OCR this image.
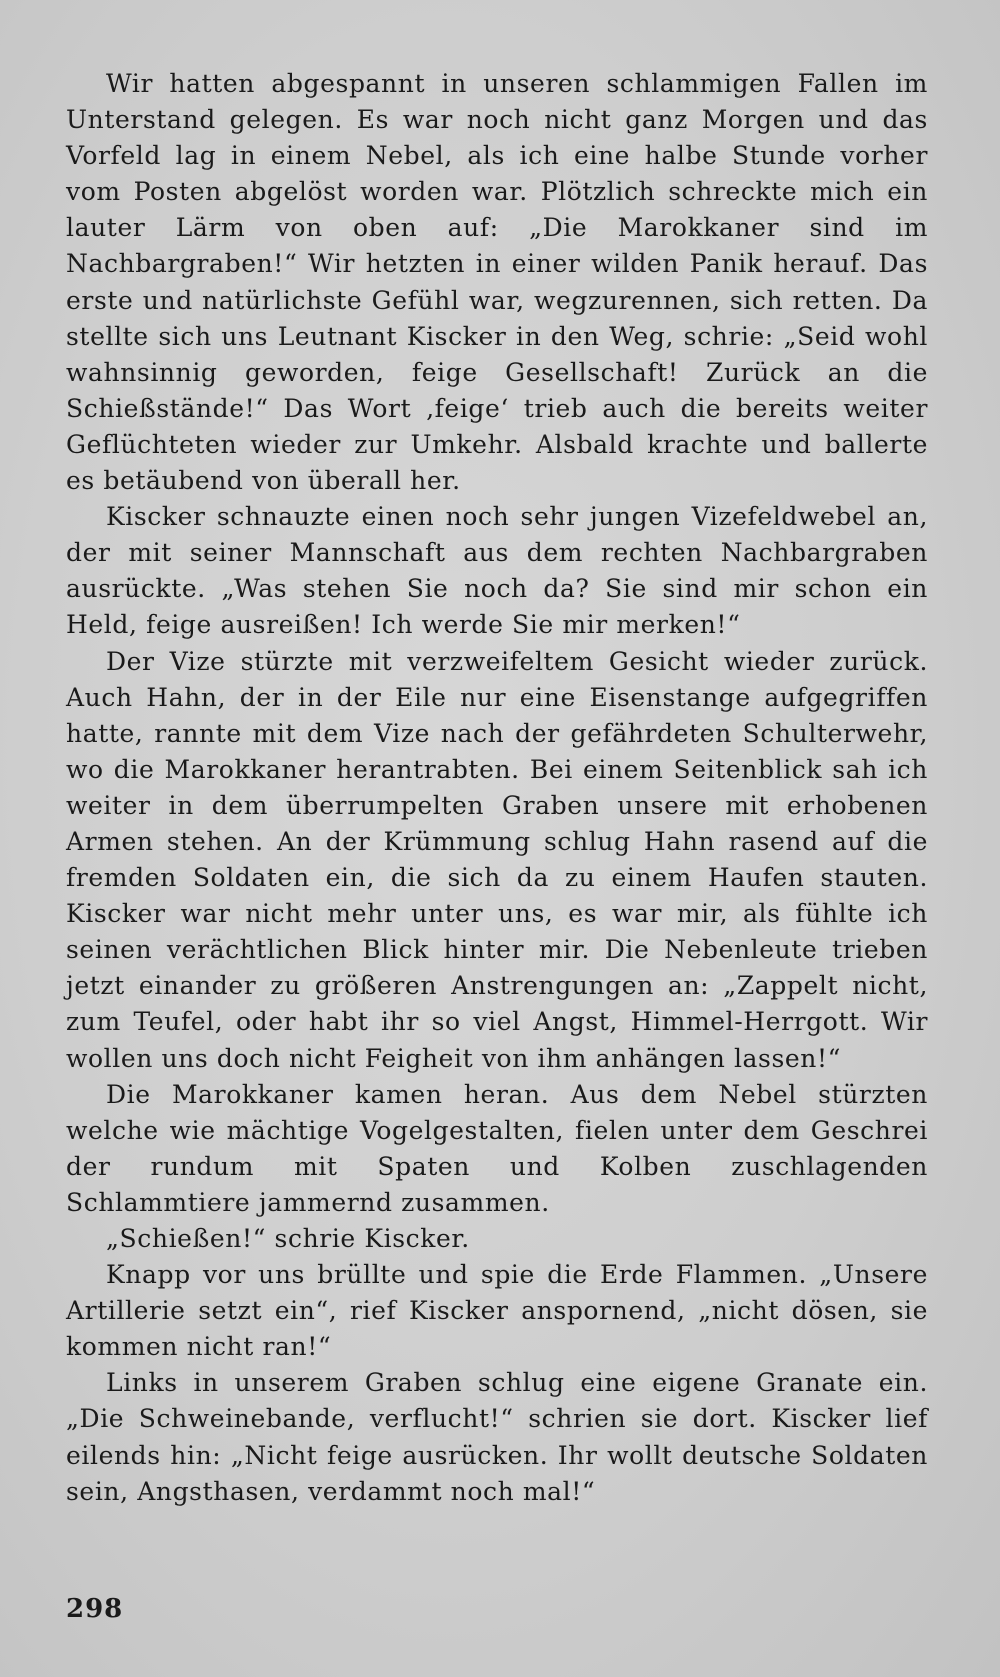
Wir hatten abgespannt in unseren schlammigen Fallen im Unterstand gelegen. Es war noch nicht ganz Morgen und das Vorfeld lag in einem Nebel, als ich eine halbe Stunde vorher vom Posten abgelöst worden war. Plötzlich schreckte mich ein lauter Lärm von oben auf: „Die Marokkaner sind im Nachbargraben!“ Wir hetzten in einer wilden Panik herauf. Das erste und natürlichste Gefühl war, wegzurennen, sich retten. Da stellte sich uns Leutnant Kiscker in den Weg, schrie: „Seid wohl wahnsinnig geworden, feige Gesellschaft! Zurück an die Schießstände!“ Das Wort ‚feige‘ trieb auch die bereits weiter Geflüchteten wieder zur Umkehr. Alsbald krachte und ballerte es betäubend von überall her.

Kiscker schnauzte einen noch sehr jungen Vizefeldwebel an, der mit seiner Mannschaft aus dem rechten Nachbargraben ausrückte. „Was stehen Sie noch da? Sie sind mir schon ein Held, feige ausreißen! Ich werde Sie mir merken!“

Der Vize stürzte mit verzweifeltem Gesicht wieder zurück. Auch Hahn, der in der Eile nur eine Eisenstange aufgegriffen hatte, rannte mit dem Vize nach der gefährdeten Schulterwehr, wo die Marokkaner herantrabten. Bei einem Seitenblick sah ich weiter in dem überrumpelten Graben unsere mit erhobenen Armen stehen. An der Krümmung schlug Hahn rasend auf die fremden Soldaten ein, die sich da zu einem Haufen stauten. Kiscker war nicht mehr unter uns, es war mir, als fühlte ich seinen verächtlichen Blick hinter mir. Die Nebenleute trieben jetzt einander zu größeren Anstrengungen an: „Zappelt nicht, zum Teufel, oder habt ihr so viel Angst, Himmel-Herrgott. Wir wollen uns doch nicht Feigheit von ihm anhängen lassen!“

Die Marokkaner kamen heran. Aus dem Nebel stürzten welche wie mächtige Vogelgestalten, fielen unter dem Geschrei der rundum mit Spaten und Kolben zuschlagenden Schlammtiere jammernd zusammen.

„Schießen!“ schrie Kiscker.

Knapp vor uns brüllte und spie die Erde Flammen. „Unsere Artillerie setzt ein“, rief Kiscker anspornend, „nicht dösen, sie kommen nicht ran!“

Links in unserem Graben schlug eine eigene Granate ein. „Die Schweinebande, verflucht!“ schrien sie dort. Kiscker lief eilends hin: „Nicht feige ausrücken. Ihr wollt deutsche Soldaten sein, Angsthasen, verdammt noch mal!“

298
